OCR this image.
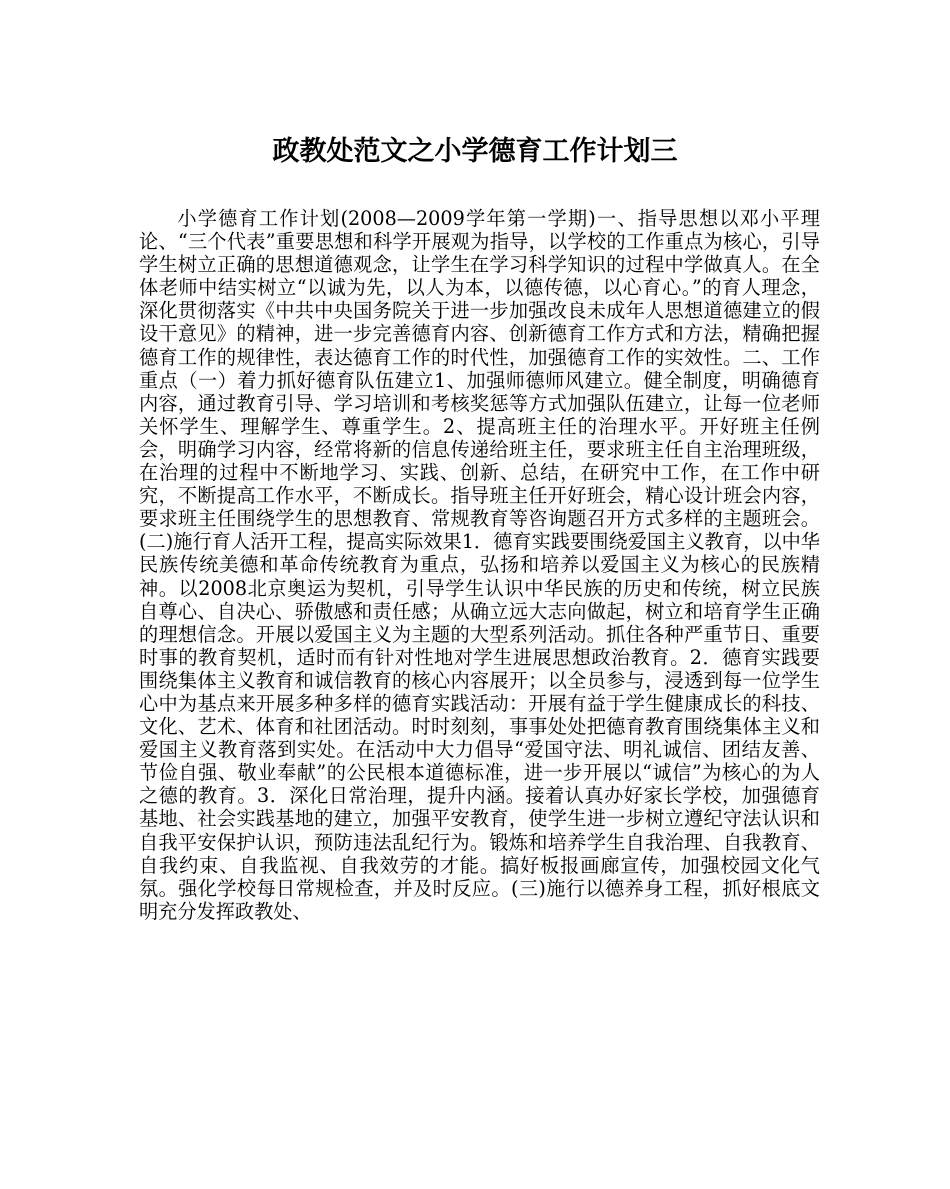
政教处范文之小学德育工作计划三

小学德育工作计划(2008—2009学年第一学期)一、指导思想以邓小平理论、“三个代表”重要思想和科学开展观为指导，以学校的工作重点为核心，引导学生树立正确的思想道德观念，让学生在学习科学知识的过程中学做真人。在全体老师中结实树立“以诚为先，以人为本，以德传德，以心育心。”的育人理念，深化贯彻落实《中共中央国务院关于进一步加强改良未成年人思想道德建立的假设干意见》的精神，进一步完善德育内容、创新德育工作方式和方法，精确把握德育工作的规律性，表达德育工作的时代性，加强德育工作的实效性。二、工作重点（一）着力抓好德育队伍建立1、加强师德师风建立。健全制度，明确德育内容，通过教育引导、学习培训和考核奖惩等方式加强队伍建立，让每一位老师关怀学生、理解学生、尊重学生。2、提高班主任的治理水平。开好班主任例会，明确学习内容，经常将新的信息传递给班主任，要求班主任自主治理班级，在治理的过程中不断地学习、实践、创新、总结，在研究中工作，在工作中研究，不断提高工作水平，不断成长。指导班主任开好班会，精心设计班会内容，要求班主任围绕学生的思想教育、常规教育等咨询题召开方式多样的主题班会。(二)施行育人活开工程，提高实际效果1．德育实践要围绕爱国主义教育，以中华民族传统美德和革命传统教育为重点，弘扬和培养以爱国主义为核心的民族精神。以2008北京奥运为契机，引导学生认识中华民族的历史和传统，树立民族自尊心、自决心、骄傲感和责任感；从确立远大志向做起，树立和培育学生正确的理想信念。开展以爱国主义为主题的大型系列活动。抓住各种严重节日、重要时事的教育契机，适时而有针对性地对学生进展思想政治教育。2．德育实践要围绕集体主义教育和诚信教育的核心内容展开；以全员参与，浸透到每一位学生心中为基点来开展多种多样的德育实践活动：开展有益于学生健康成长的科技、文化、艺术、体育和社团活动。时时刻刻，事事处处把德育教育围绕集体主义和爱国主义教育落到实处。在活动中大力倡导“爱国守法、明礼诚信、团结友善、节俭自强、敬业奉献”的公民根本道德标准，进一步开展以“诚信”为核心的为人之德的教育。3．深化日常治理，提升内涵。接着认真办好家长学校，加强德育基地、社会实践基地的建立，加强平安教育，使学生进一步树立遵纪守法认识和自我平安保护认识，预防违法乱纪行为。锻炼和培养学生自我治理、自我教育、自我约束、自我监视、自我效劳的才能。搞好板报画廊宣传，加强校园文化气氛。强化学校每日常规检查，并及时反应。(三)施行以德养身工程，抓好根底文明充分发挥政教处、
